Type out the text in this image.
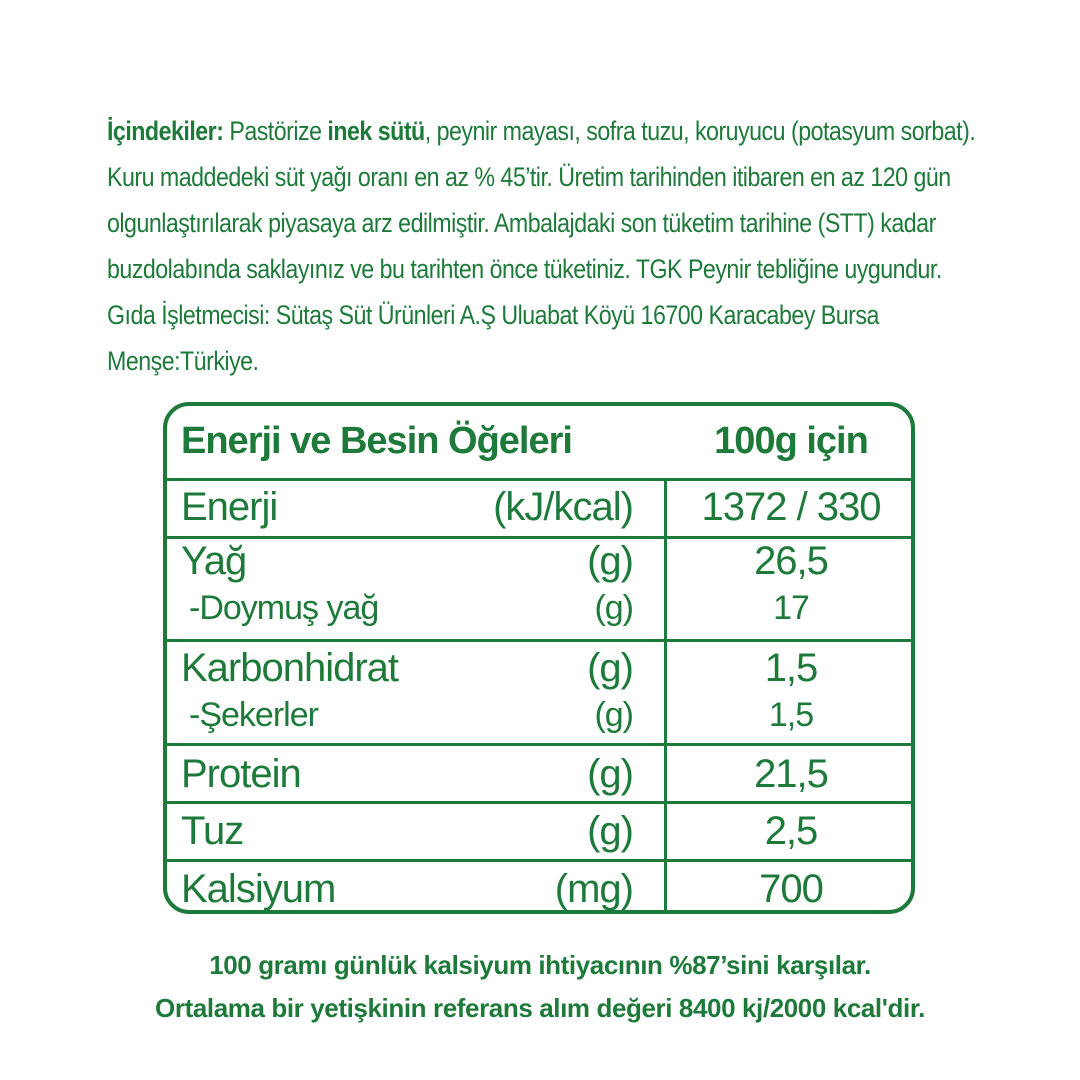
İçindekiler: Pastörize inek sütü, peynir mayası, sofra tuzu, koruyucu (potasyum sorbat). Kuru maddedeki süt yağı oranı en az % 45’tir. Üretim tarihinden itibaren en az 120 gün olgunlaştırılarak piyasaya arz edilmiştir. Ambalajdaki son tüketim tarihine (STT) kadar buzdolabında saklayınız ve bu tarihten önce tüketiniz. TGK Peynir tebliğine uygundur. Gıda İşletmecisi: Sütaş Süt Ürünleri A.Ş Uluabat Köyü 16700 Karacabey Bursa Menşe:Türkiye.
Enerji ve Besin Öğeleri	100g için
Enerji	(kJ/kcal)	1372 / 330
Yağ	(g)	26,5
-Doymuş yağ	(g)	17
Karbonhidrat	(g)	1,5
-Şekerler	(g)	1,5
Protein	(g)	21,5
Tuz	(g)	2,5
Kalsiyum	(mg)	700
100 gramı günlük kalsiyum ihtiyacının %87’sini karşılar.
Ortalama bir yetişkinin referans alım değeri 8400 kj/2000 kcal'dir.
